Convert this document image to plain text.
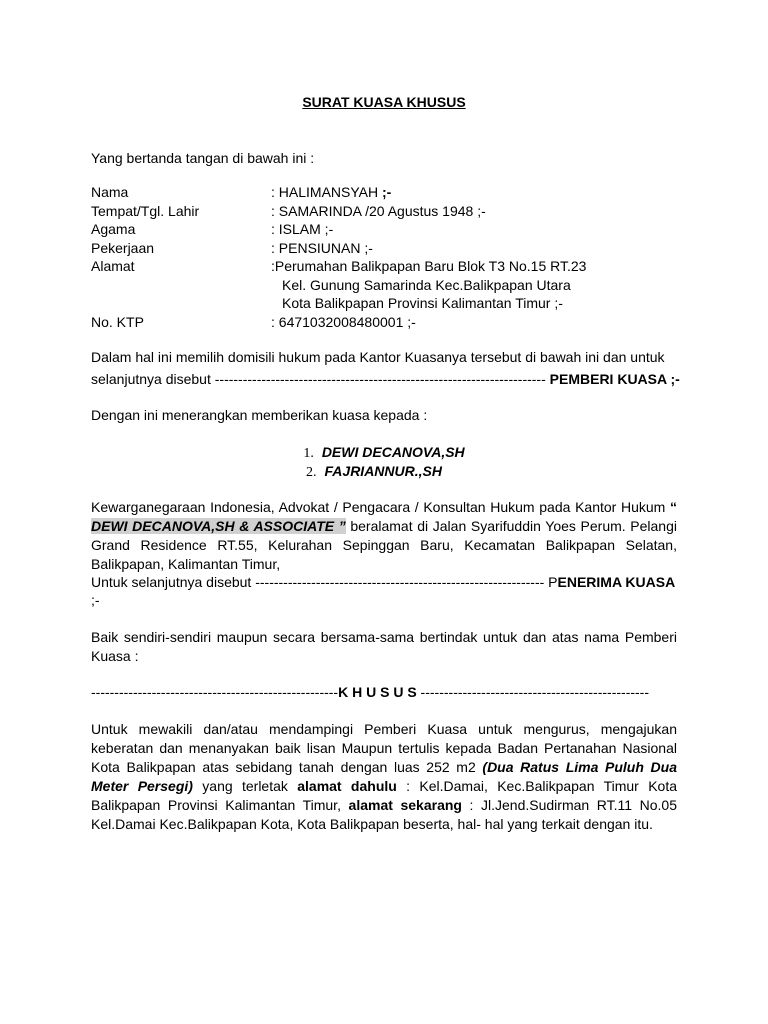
SURAT KUASA KHUSUS
Yang bertanda tangan di bawah ini :
Nama	: HALIMANSYAH ;-
Tempat/Tgl. Lahir	: SAMARINDA /20 Agustus 1948 ;-
Agama	: ISLAM ;-
Pekerjaan	: PENSIUNAN ;-
Alamat	:Perumahan Balikpapan Baru Blok T3 No.15 RT.23
Kel. Gunung Samarinda Kec.Balikpapan Utara
Kota Balikpapan Provinsi Kalimantan Timur ;-
No. KTP	: 6471032008480001 ;-
Dalam hal ini memilih domisili hukum pada Kantor Kuasanya tersebut di bawah ini dan untuk
selanjutnya disebut ----------------------------------------------------------------------- PEMBERI KUASA ;-
Dengan ini menerangkan memberikan kuasa kepada :
1. DEWI DECANOVA,SH
2. FAJRIANNUR.,SH
Kewarganegaraan Indonesia, Advokat / Pengacara / Konsultan Hukum pada Kantor Hukum “ DEWI DECANOVA,SH & ASSOCIATE ” beralamat di Jalan Syarifuddin Yoes Perum. Pelangi Grand Residence RT.55, Kelurahan Sepinggan Baru, Kecamatan Balikpapan Selatan, Balikpapan, Kalimantan Timur,
Untuk selanjutnya disebut -------------------------------------------------------------- PENERIMA KUASA
;-
Baik sendiri-sendiri maupun secara bersama-sama bertindak untuk dan atas nama Pemberi Kuasa :
-----------------------------------------------------K H U S U S -------------------------------------------------
Untuk mewakili dan/atau mendampingi Pemberi Kuasa untuk mengurus, mengajukan keberatan dan menanyakan baik lisan Maupun tertulis kepada Badan Pertanahan Nasional Kota Balikpapan atas sebidang tanah dengan luas 252 m2 (Dua Ratus Lima Puluh Dua Meter Persegi) yang terletak alamat dahulu : Kel.Damai, Kec.Balikpapan Timur Kota Balikpapan Provinsi Kalimantan Timur, alamat sekarang : Jl.Jend.Sudirman RT.11 No.05 Kel.Damai Kec.Balikpapan Kota, Kota Balikpapan beserta, hal- hal yang terkait dengan itu.
